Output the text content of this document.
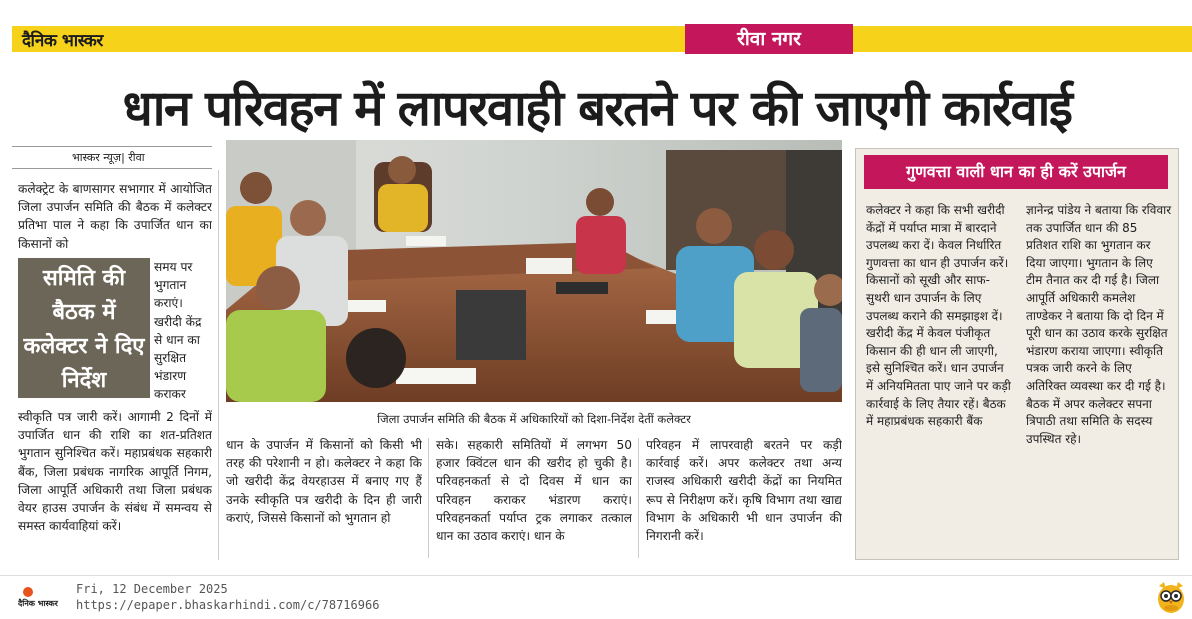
दैनिक भास्कर	रीवा नगर
धान परिवहन में लापरवाही बरतने पर की जाएगी कार्रवाई
भास्कर न्यूज़| रीवा

कलेक्ट्रेट के बाणसागर सभागार में आयोजित जिला उपार्जन समिति की बैठक में कलेक्टर प्रतिभा पाल ने कहा कि उपार्जित धान का किसानों को

समिति की बैठक में कलेक्टर ने दिए निर्देश

समय पर भुगतान कराएं। खरीदी केंद्र से धान का सुरक्षित भंडारण कराकर

स्वीकृति पत्र जारी करें। आगामी 2 दिनों में उपार्जित धान की राशि का शत-प्रतिशत भुगतान सुनिश्चित करें। महाप्रबंधक सहकारी बैंक, जिला प्रबंधक नागरिक आपूर्ति निगम, जिला आपूर्ति अधिकारी तथा जिला प्रबंधक वेयर हाउस उपार्जन के संबंध में समन्वय से समस्त कार्यवाहियां करें।

जिला उपार्जन समिति की बैठक में अधिकारियों को दिशा-निर्देश देतीं कलेक्टर

धान के उपार्जन में किसानों को किसी भी तरह की परेशानी न हो। कलेक्टर ने कहा कि जो खरीदी केंद्र वेयरहाउस में बनाए गए हैं उनके स्वीकृति पत्र खरीदी के दिन ही जारी कराएं, जिससे किसानों को भुगतान हो

सके। सहकारी समितियों में लगभग 50 हजार क्विंटल धान की खरीद हो चुकी है। परिवहनकर्ता से दो दिवस में धान का परिवहन कराकर भंडारण कराएं। परिवहनकर्ता पर्याप्त ट्रक लगाकर तत्काल धान का उठाव कराएं। धान के

परिवहन में लापरवाही बरतने पर कड़ी कार्रवाई करें। अपर कलेक्टर तथा अन्य राजस्व अधिकारी खरीदी केंद्रों का नियमित रूप से निरीक्षण करें। कृषि विभाग तथा खाद्य विभाग के अधिकारी भी धान उपार्जन की निगरानी करें।

गुणवत्ता वाली धान का ही करें उपार्जन

कलेक्टर ने कहा कि सभी खरीदी केंद्रों में पर्याप्त मात्रा में बारदाने उपलब्ध करा दें। केवल निर्धारित गुणवत्ता का धान ही उपार्जन करें। किसानों को सूखी और साफ-सुथरी धान उपार्जन के लिए उपलब्ध कराने की समझाइश दें। खरीदी केंद्र में केवल पंजीकृत किसान की ही धान ली जाएगी, इसे सुनिश्चित करें। धान उपार्जन में अनियमितता पाए जाने पर कड़ी कार्रवाई के लिए तैयार रहें। बैठक में महाप्रबंधक सहकारी बैंक

ज्ञानेन्द्र पांडेय ने बताया कि रविवार तक उपार्जित धान की 85 प्रतिशत राशि का भुगतान कर दिया जाएगा। भुगतान के लिए टीम तैनात कर दी गई है। जिला आपूर्ति अधिकारी कमलेश ताण्डेकर ने बताया कि दो दिन में पूरी धान का उठाव करके सुरक्षित भंडारण कराया जाएगा। स्वीकृति पत्रक जारी करने के लिए अतिरिक्त व्यवस्था कर दी गई है। बैठक में अपर कलेक्टर सपना त्रिपाठी तथा समिति के सदस्य उपस्थित रहे।

दैनिक भास्कर
Fri, 12 December 2025
https://epaper.bhaskarhindi.com/c/78716966
